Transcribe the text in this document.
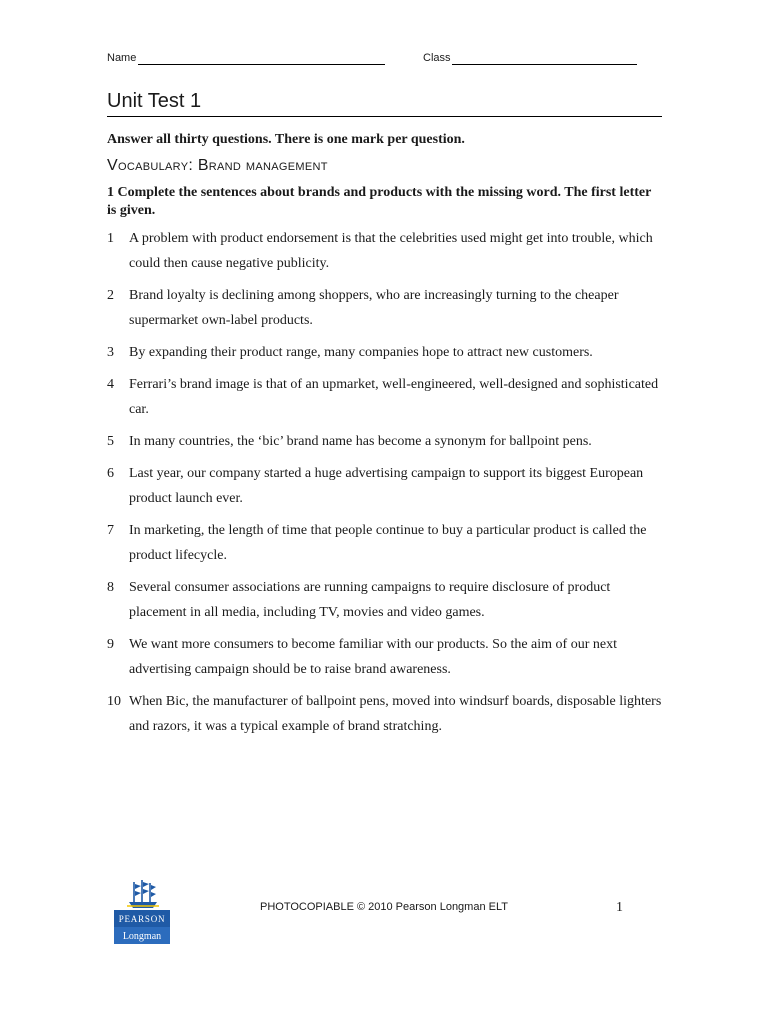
Name	Class
Unit Test 1
Answer all thirty questions. There is one mark per question.
Vocabulary: Brand management
1 Complete the sentences about brands and products with the missing word. The first letter is given.
1 A problem with product endorsement is that the celebrities used might get into trouble, which could then cause negative publicity.
2 Brand loyalty is declining among shoppers, who are increasingly turning to the cheaper supermarket own-label products.
3 By expanding their product range, many companies hope to attract new customers.
4 Ferrari’s brand image is that of an upmarket, well-engineered, well-designed and sophisticated car.
5 In many countries, the ‘bic’ brand name has become a synonym for ballpoint pens.
6 Last year, our company started a huge advertising campaign to support its biggest European product launch ever.
7 In marketing, the length of time that people continue to buy a particular product is called the product lifecycle.
8 Several consumer associations are running campaigns to require disclosure of product placement in all media, including TV, movies and video games.
9 We want more consumers to become familiar with our products. So the aim of our next advertising campaign should be to raise brand awareness.
10 When Bic, the manufacturer of ballpoint pens, moved into windsurf boards, disposable lighters and razors, it was a typical example of brand stratching.
PEARSON
Longman
PHOTOCOPIABLE © 2010 Pearson Longman ELT	1
